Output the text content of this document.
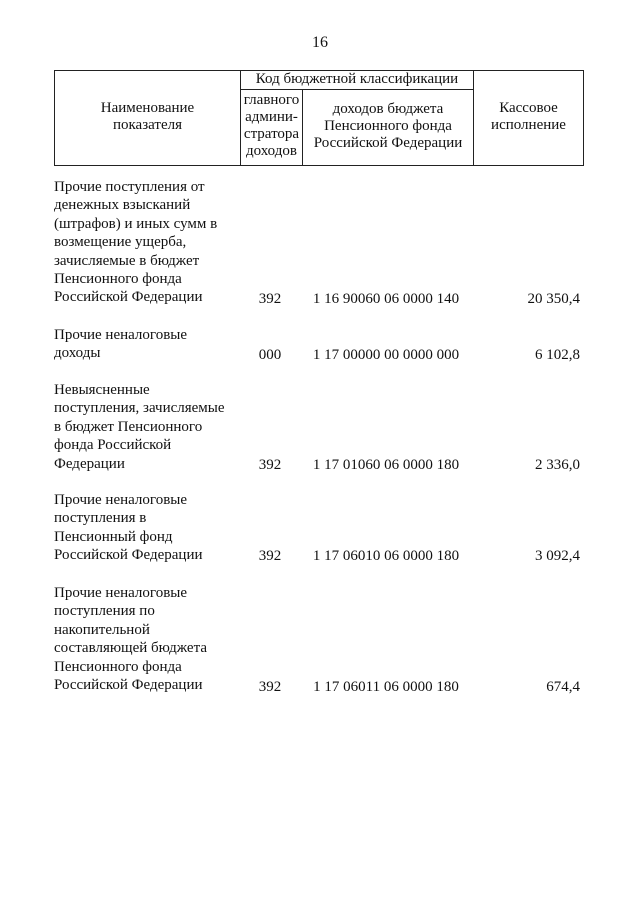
16
Наименование
показателя
Код бюджетной классификации
главного
админи-
стратора
доходов
доходов бюджета
Пенсионного фонда
Российской Федерации
Кассовое
исполнение
Прочие поступления от
денежных взысканий
(штрафов) и иных сумм в
возмещение ущерба,
зачисляемые в бюджет
Пенсионного фонда
Российской Федерации	392	1 16 90060 06 0000 140	20 350,4
Прочие неналоговые
доходы	000	1 17 00000 00 0000 000	6 102,8
Невыясненные
поступления, зачисляемые
в бюджет Пенсионного
фонда Российской
Федерации	392	1 17 01060 06 0000 180	2 336,0
Прочие неналоговые
поступления в
Пенсионный фонд
Российской Федерации	392	1 17 06010 06 0000 180	3 092,4
Прочие неналоговые
поступления по
накопительной
составляющей бюджета
Пенсионного фонда
Российской Федерации	392	1 17 06011 06 0000 180	674,4
